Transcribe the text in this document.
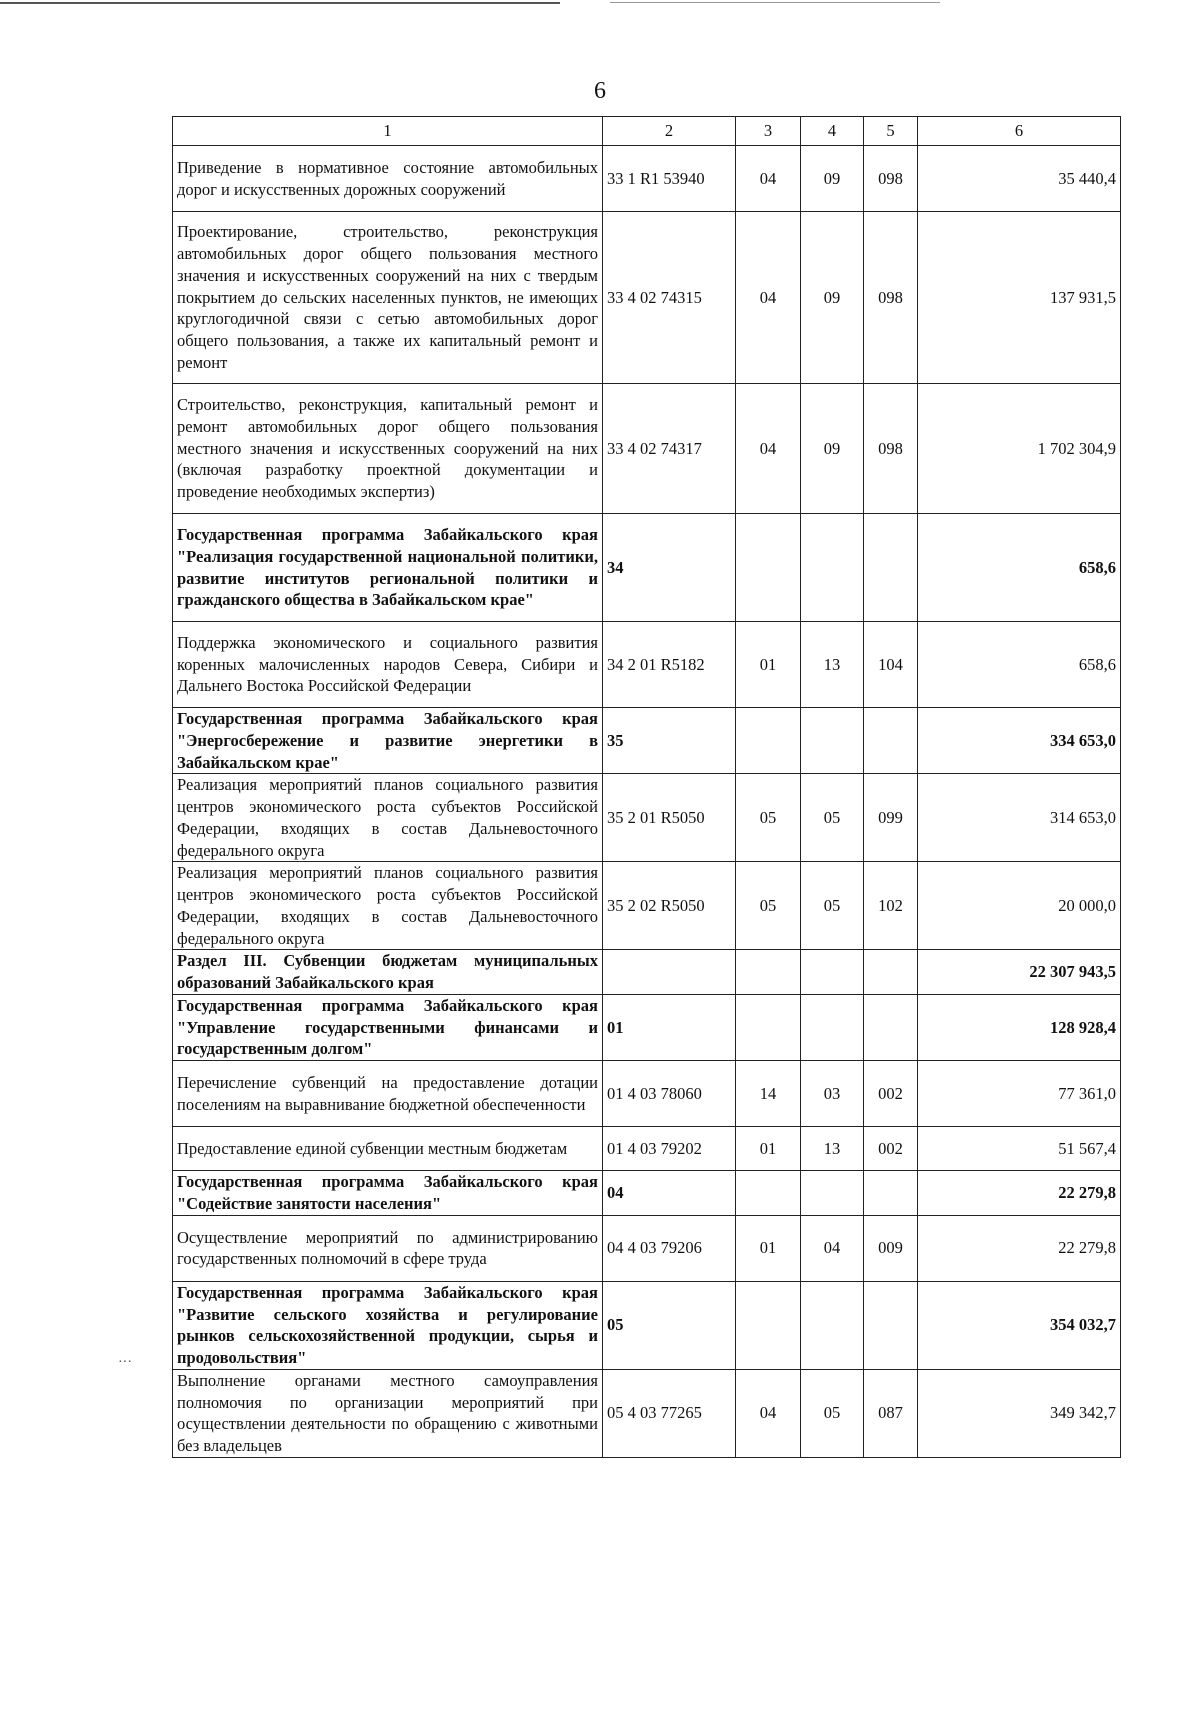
6
···
1	2	3	4	5	6
Приведение в нормативное состояние автомобильных дорог и искусственных дорожных сооружений	33 1 R1 53940	04	09	098	35 440,4
Проектирование, строительство, реконструкция автомобильных дорог общего пользования местного значения и искусственных сооружений на них с твердым покрытием до сельских населенных пунктов, не имеющих круглогодичной связи с сетью автомобильных дорог общего пользования, а также их капитальный ремонт и ремонт	33 4 02 74315	04	09	098	137 931,5
Строительство, реконструкция, капитальный ремонт и ремонт автомобильных дорог общего пользования местного значения и искусственных сооружений на них (включая разработку проектной документации и проведение необходимых экспертиз)	33 4 02 74317	04	09	098	1 702 304,9
Государственная программа Забайкальского края "Реализация государственной национальной политики, развитие институтов региональной политики и гражданского общества в Забайкальском крае"	34				658,6
Поддержка экономического и социального развития коренных малочисленных народов Севера, Сибири и Дальнего Востока Российской Федерации	34 2 01 R5182	01	13	104	658,6
Государственная программа Забайкальского края "Энергосбережение и развитие энергетики в Забайкальском крае"	35				334 653,0
Реализация мероприятий планов социального развития центров экономического роста субъектов Российской Федерации, входящих в состав Дальневосточного федерального округа	35 2 01 R5050	05	05	099	314 653,0
Реализация мероприятий планов социального развития центров экономического роста субъектов Российской Федерации, входящих в состав Дальневосточного федерального округа	35 2 02 R5050	05	05	102	20 000,0
Раздел III. Субвенции бюджетам муниципальных образований Забайкальского края					22 307 943,5
Государственная программа Забайкальского края "Управление государственными финансами и государственным долгом"	01				128 928,4
Перечисление субвенций на предоставление дотации поселениям на выравнивание бюджетной обеспеченности	01 4 03 78060	14	03	002	77 361,0
Предоставление единой субвенции местным бюджетам	01 4 03 79202	01	13	002	51 567,4
Государственная программа Забайкальского края "Содействие занятости населения"	04				22 279,8
Осуществление мероприятий по администрированию государственных полномочий в сфере труда	04 4 03 79206	01	04	009	22 279,8
Государственная программа Забайкальского края "Развитие сельского хозяйства и регулирование рынков сельскохозяйственной продукции, сырья и продовольствия"	05				354 032,7
Выполнение органами местного самоуправления полномочия по организации мероприятий при осуществлении деятельности по обращению с животными без владельцев	05 4 03 77265	04	05	087	349 342,7
